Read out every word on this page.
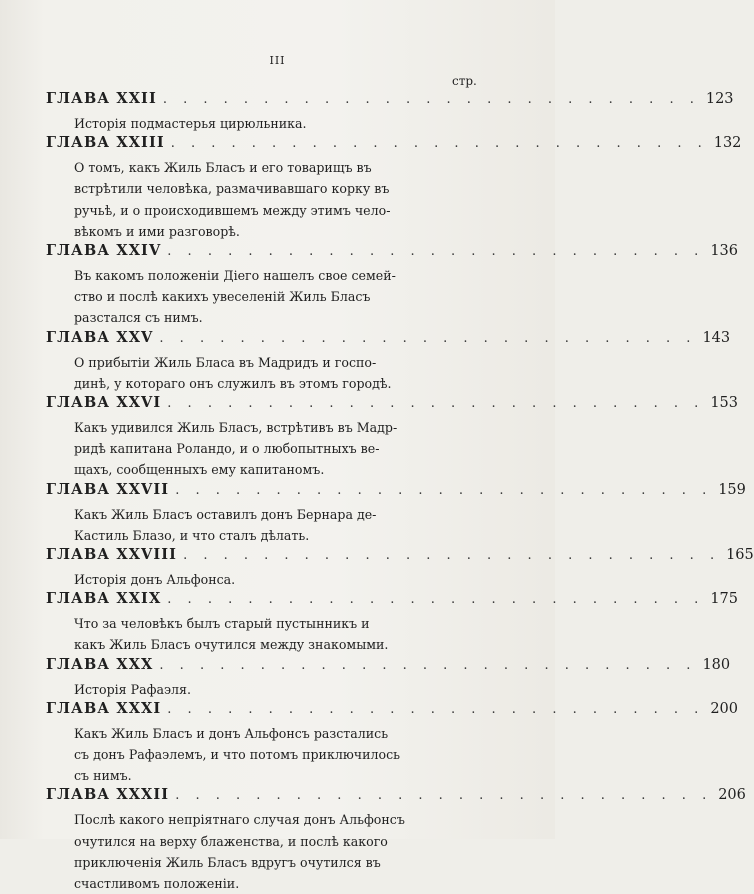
III
стр.
ГЛАВА XXII . . . . . . . . . . . . . . . . . . . . . . . . . . . 123
Исторія подмастерья цирюльника.
ГЛАВА XXIII . . . . . . . . . . . . . . . . . . . . . . . . . . . 132
О томъ, какъ Жиль Бласъ и его товарищъ въ
встрѣтили человѣка, размачивавшаго корку въ
ручьѣ, и о происходившемъ между этимъ чело-
вѣкомъ и ими разговорѣ.
ГЛАВА XXIV . . . . . . . . . . . . . . . . . . . . . . . . . . . 136
Въ какомъ положеніи Діего нашелъ свое семей-
ство и послѣ какихъ увеселеній Жиль Бласъ
разстался съ нимъ.
ГЛАВА XXV . . . . . . . . . . . . . . . . . . . . . . . . . . . 143
О прибытіи Жиль Бласа въ Мадридъ и госпо-
динѣ, у котораго онъ служилъ въ этомъ городѣ.
ГЛАВА XXVI . . . . . . . . . . . . . . . . . . . . . . . . . . . 153
Какъ удивился Жиль Бласъ, встрѣтивъ въ Мадр-
ридѣ капитана Роландо, и о любопытныхъ ве-
щахъ, сообщенныхъ ему капитаномъ.
ГЛАВА XXVII . . . . . . . . . . . . . . . . . . . . . . . . . . . 159
Какъ Жиль Бласъ оставилъ донъ Бернара де-
Кастиль Блазо, и что сталъ дѣлать.
ГЛАВА XXVIII . . . . . . . . . . . . . . . . . . . . . . . . . . . 165
Исторія донъ Альфонса.
ГЛАВА XXIX . . . . . . . . . . . . . . . . . . . . . . . . . . . 175
Что за человѣкъ былъ старый пустынникъ и
какъ Жиль Бласъ очутился между знакомыми.
ГЛАВА XXX . . . . . . . . . . . . . . . . . . . . . . . . . . . 180
Исторія Рафаэля.
ГЛАВА XXXI . . . . . . . . . . . . . . . . . . . . . . . . . . . 200
Какъ Жиль Бласъ и донъ Альфонсъ разстались
съ донъ Рафаэлемъ, и что потомъ приключилось
съ нимъ.
ГЛАВА XXXII . . . . . . . . . . . . . . . . . . . . . . . . . . . 206
Послѣ какого непріятнаго случая донъ Альфонсъ
очутился на верху блаженства, и послѣ какого
приключенія Жиль Бласъ вдругъ очутился въ
счастливомъ положеніи.
